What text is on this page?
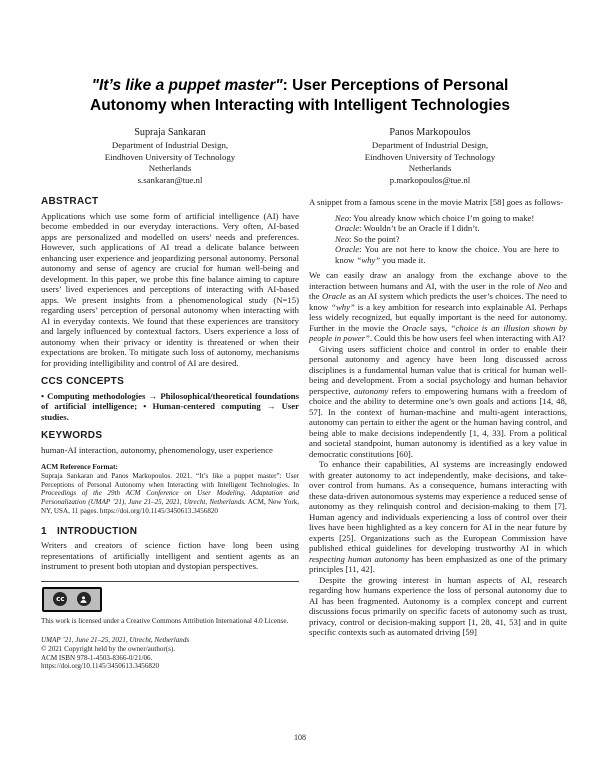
"It’s like a puppet master": User Perceptions of Personal Autonomy when Interacting with Intelligent Technologies
Supraja Sankaran
Department of Industrial Design,
Eindhoven University of Technology
Netherlands
s.sankaran@tue.nl
Panos Markopoulos
Department of Industrial Design,
Eindhoven University of Technology
Netherlands
p.markopoulos@tue.nl
ABSTRACT

Applications which use some form of artificial intelligence (AI) have become embedded in our everyday interactions. Very often, AI-based apps are personalized and modelled on users’ needs and preferences. However, such applications of AI tread a delicate balance between enhancing user experience and jeopardizing personal autonomy. Personal autonomy and sense of agency are crucial for human well-being and development. In this paper, we probe this fine balance aiming to capture users’ lived experiences and perceptions of interacting with AI-based apps. We present insights from a phenomenological study (N=15) regarding users’ perception of personal autonomy when interacting with AI in everyday contexts. We found that these experiences are transitory and largely influenced by contextual factors. Users experience a loss of autonomy when their privacy or identity is threatened or when their expectations are broken. To mitigate such loss of autonomy, mechanisms for providing intelligibility and control of AI are desired.

CCS CONCEPTS

• Computing methodologies → Philosophical/theoretical foundations of artificial intelligence; • Human-centered computing → User studies.

KEYWORDS

human-AI interaction, autonomy, phenomenology, user experience

ACM Reference Format:

Supraja Sankaran and Panos Markopoulos. 2021. “It’s like a puppet master”: User Perceptions of Personal Autonomy when Interacting with Intelligent Technologies. In Proceedings of the 29th ACM Conference on User Modeling, Adaptation and Personalization (UMAP ’21), June 21–25, 2021, Utrecht, Netherlands. ACM, New York, NY, USA, 11 pages. https://doi.org/10.1145/3450613.3456820

1 INTRODUCTION

Writers and creators of science fiction have long been using representations of artificially intelligent and sentient agents as an instrument to present both utopian and dystopian perspectives.

cc

This work is licensed under a Creative Commons Attribution International 4.0 License.

UMAP ’21, June 21–25, 2021, Utrecht, Netherlands
© 2021 Copyright held by the owner/author(s).
ACM ISBN 978-1-4503-8366-0/21/06.
https://doi.org/10.1145/3450613.3456820

A snippet from a famous scene in the movie Matrix [58] goes as follows-

Neo: You already know which choice I’m going to make!
Oracle: Wouldn’t be an Oracle if I didn’t.
Neo: So the point?
Oracle: You are not here to know the choice. You are here to know “why” you made it.

We can easily draw an analogy from the exchange above to the interaction between humans and AI, with the user in the role of Neo and the Oracle as an AI system which predicts the user’s choices. The need to know “why” is a key ambition for research into explainable AI. Perhaps less widely recognized, but equally important is the need for autonomy. Further in the movie the Oracle says, “choice is an illusion shown by people in power”. Could this be how users feel when interacting with AI?

Giving users sufficient choice and control in order to enable their personal autonomy and agency have been long discussed across disciplines is a fundamental human value that is critical for human well-being and development. From a social psychology and human behavior perspective, autonomy refers to empowering humans with a freedom of choice and the ability to determine one’s own goals and actions [14, 48, 57]. In the context of human-machine and multi-agent interactions, autonomy can pertain to either the agent or the human having control, and being able to make decisions independently [1, 4, 33]. From a political and societal standpoint, human autonomy is identified as a key value in democratic constitutions [60].

To enhance their capabilities, AI systems are increasingly endowed with greater autonomy to act independently, make decisions, and take-over control from humans. As a consequence, humans interacting with these data-driven autonomous systems may experience a reduced sense of autonomy as they relinquish control and decision-making to them [7]. Human agency and individuals experiencing a loss of control over their lives have been highlighted as a key concern for AI in the near future by experts [25]. Organizations such as the European Commission have published ethical guidelines for developing trustworthy AI in which respecting human autonomy has been emphasized as one of the primary principles [11, 42].

Despite the growing interest in human aspects of AI, research regarding how humans experience the loss of personal autonomy due to AI has been fragmented. Autonomy is a complex concept and current discussions focus primarily on specific facets of autonomy such as trust, privacy, control or decision-making support [1, 28, 41, 53] and in quite specific contexts such as automated driving [59]

108
